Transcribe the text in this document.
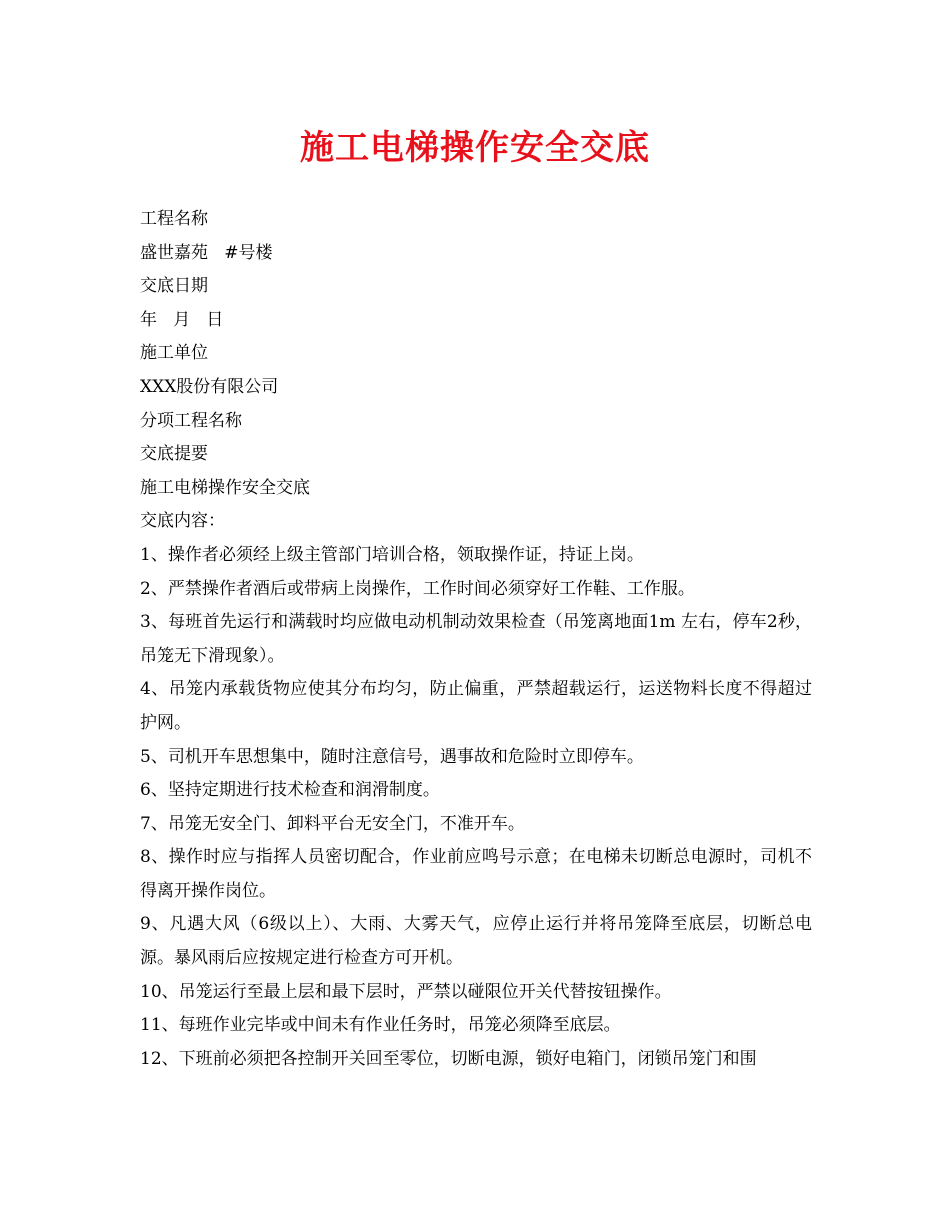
施工电梯操作安全交底
工程名称
盛世嘉苑   #号楼
交底日期
年   月   日
施工单位
XXX股份有限公司
分项工程名称
交底提要
施工电梯操作安全交底
交底内容：
1、操作者必须经上级主管部门培训合格，领取操作证，持证上岗。
2、严禁操作者酒后或带病上岗操作，工作时间必须穿好工作鞋、工作服。
3、每班首先运行和满载时均应做电动机制动效果检查（吊笼离地面1m 左右，停车2秒，吊笼无下滑现象）。
4、吊笼内承载货物应使其分布均匀，防止偏重，严禁超载运行，运送物料长度不得超过护网。
5、司机开车思想集中，随时注意信号，遇事故和危险时立即停车。
6、坚持定期进行技术检查和润滑制度。
7、吊笼无安全门、卸料平台无安全门，不准开车。
8、操作时应与指挥人员密切配合，作业前应鸣号示意；在电梯未切断总电源时，司机不得离开操作岗位。
9、凡遇大风（6级以上）、大雨、大雾天气，应停止运行并将吊笼降至底层，切断总电源。暴风雨后应按规定进行检查方可开机。
10、吊笼运行至最上层和最下层时，严禁以碰限位开关代替按钮操作。
11、每班作业完毕或中间未有作业任务时，吊笼必须降至底层。
12、下班前必须把各控制开关回至零位，切断电源，锁好电箱门，闭锁吊笼门和围
